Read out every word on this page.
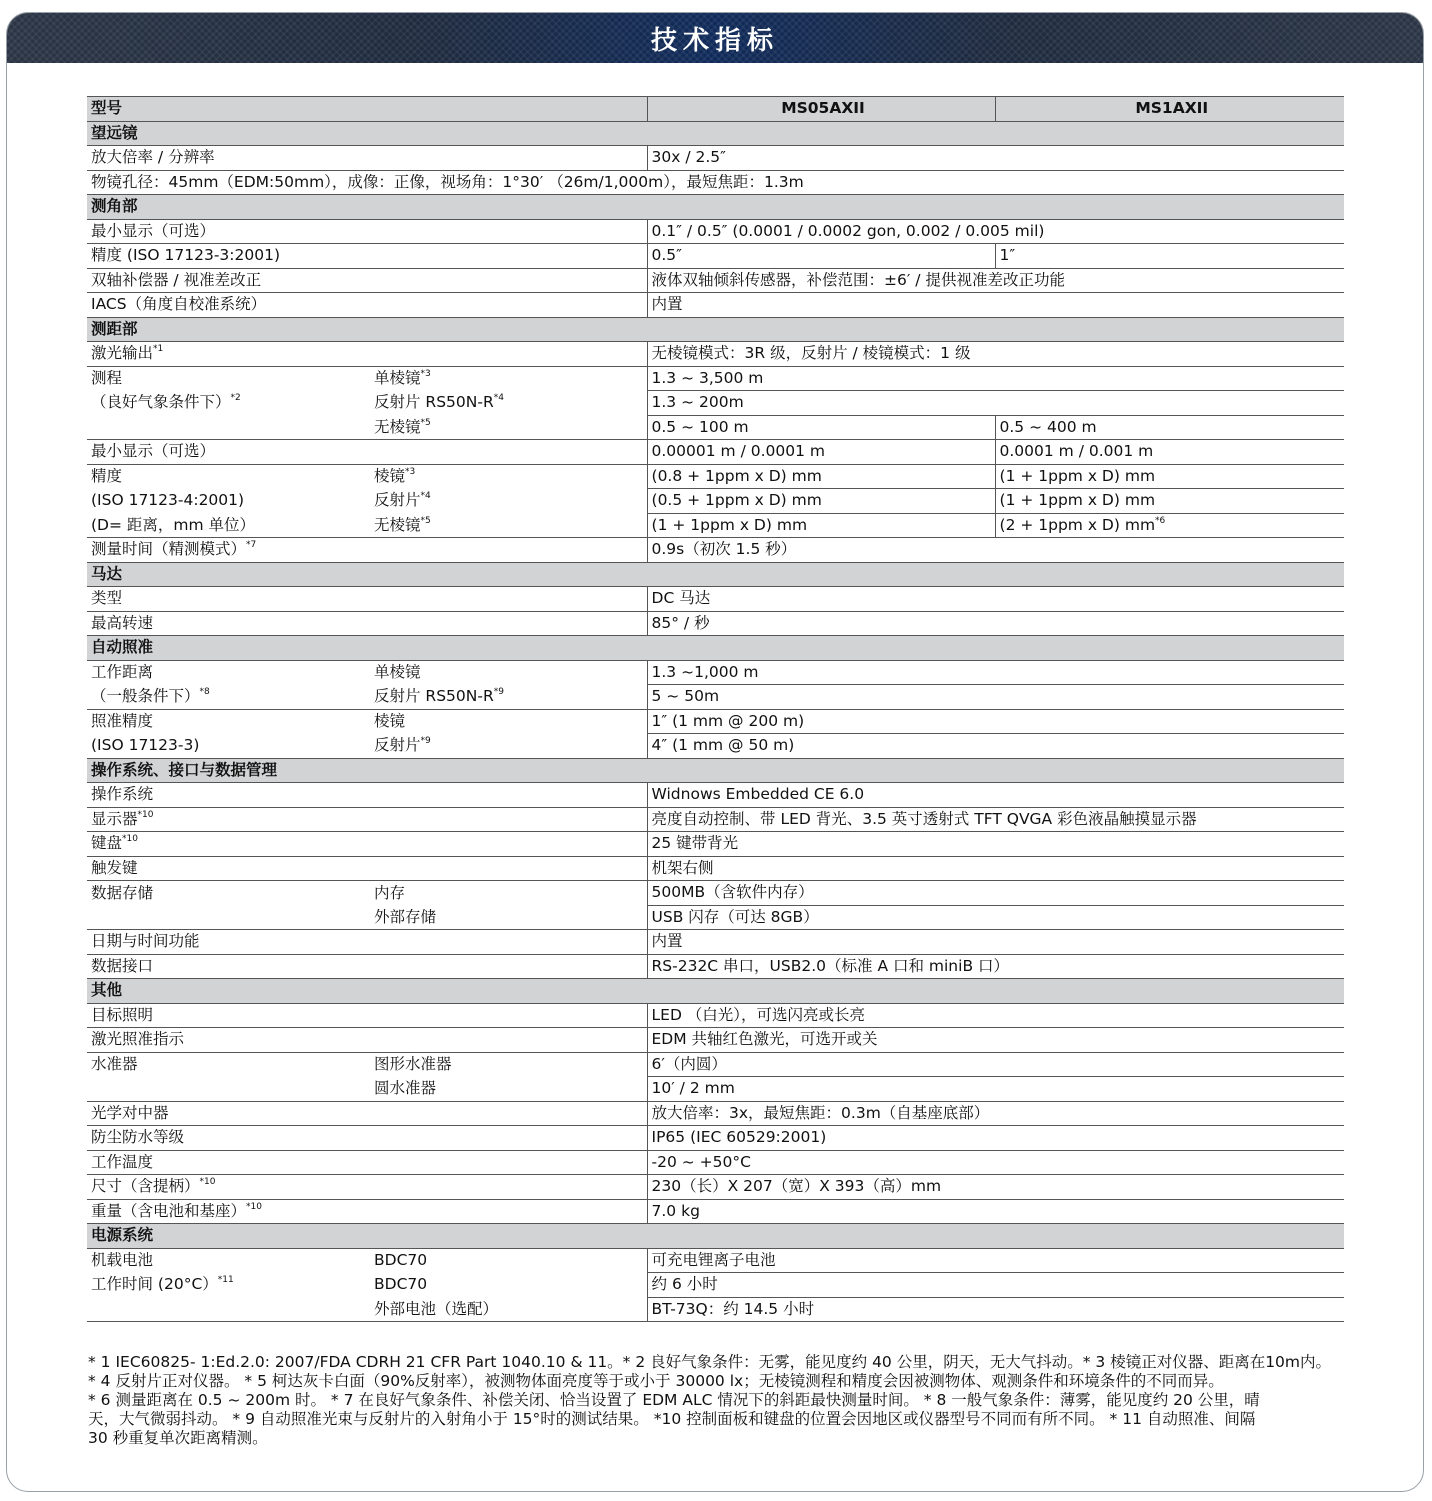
技术指标
型号		MS05AXII	MS1AXII
望远镜			
放大倍率 / 分辨率		30x / 2.5″	
物镜孔径：45mm（EDM:50mm），成像：正像，视场角：1°30′ （26m/1,000m），最短焦距：1.3m			
测角部			
最小显示（可选）		0.1″ / 0.5″ (0.0001 / 0.0002 gon, 0.002 / 0.005 mil)	
精度 (ISO 17123-3:2001)		0.5″	1″
双轴补偿器 / 视准差改正		液体双轴倾斜传感器，补偿范围：±6′ / 提供视准差改正功能	
IACS（角度自校准系统）		内置	
测距部			
激光输出$^{*1}$		无棱镜模式：3R 级，反射片 / 棱镜模式：1 级	
测程	单棱镜$^{*3}$	1.3 ~ 3,500 m	
（良好气象条件下）$^{*2}$	反射片 $RS50N-R^{*4}$	1.3 ~ 200m	
	无棱镜$^{*5}$	0.5 ~ 100 m	0.5 ~ 400 m
最小显示（可选）		0.00001 m / 0.0001 m	0.0001 m / 0.001 m
精度	棱镜$^{*3}$	(0.8 + 1ppm x D) mm	(1 + 1ppm x D) mm
(ISO 17123-4:2001)	反射片$^{*4}$	(0.5 + 1ppm x D) mm	(1 + 1ppm x D) mm
(D= 距离，mm 单位）	无棱镜$^{*5}$	(1 + 1ppm x D) mm	(2 + 1ppm x D) $mm^{*6}$
测量时间（精测模式）$^{*7}$		0.9s（初次 1.5 秒）	
马达			
类型		DC 马达	
最高转速		85° / 秒	
自动照准			
工作距离	单棱镜	1.3 ~1,000 m	
（一般条件下）$^{*8}$	反射片 $RS50N-R^{*9}$	5 ~ 50m	
照准精度	棱镜	1″ (1 mm @ 200 m)	
(ISO 17123-3)	反射片$^{*9}$	4″ (1 mm @ 50 m)	
操作系统、接口与数据管理			
操作系统		Widnows Embedded CE 6.0	
显示器$^{*10}$		亮度自动控制、带 LED 背光、3.5 英寸透射式 TFT QVGA 彩色液晶触摸显示器	
键盘$^{*10}$		25 键带背光	
触发键		机架右侧	
数据存储	内存	500MB（含软件内存）	
	外部存储	USB 闪存（可达 8GB）	
日期与时间功能		内置	
数据接口		RS-232C 串口，USB2.0（标准 A 口和 miniB 口）	
其他			
目标照明		LED （白光），可选闪亮或长亮	
激光照准指示		EDM 共轴红色激光，可选开或关	
水准器	图形水准器	6′（内圆）	
	圆水准器	10′ / 2 mm	
光学对中器		放大倍率：3x，最短焦距：0.3m（自基座底部）	
防尘防水等级		IP65 (IEC 60529:2001)	
工作温度		-20 ~ +50°C	
尺寸（含提柄）$^{*10}$		230（长）X 207（宽）X 393（高）mm	
重量（含电池和基座）$^{*10}$		7.0 kg	
电源系统			
机载电池	BDC70	可充电锂离子电池	
工作时间 (20°C）$^{*11}$	BDC70	约 6 小时	
	外部电池（选配）	BT-73Q：约 14.5 小时	

* 1 IEC60825- 1:Ed.2.0: 2007/FDA CDRH 21 CFR Part 1040.10 & 11。* 2 良好气象条件：无雾，能见度约 40 公里，阴天，无大气抖动。* 3 棱镜正对仪器、距离在10m内。

* 4 反射片正对仪器。 * 5 柯达灰卡白面（90%反射率），被测物体面亮度等于或小于 30000 lx；无棱镜测程和精度会因被测物体、观测条件和环境条件的不同而异。

* 6 测量距离在 0.5 ~ 200m 时。 * 7 在良好气象条件、补偿关闭、恰当设置了 EDM ALC 情况下的斜距最快测量时间。 * 8 一般气象条件：薄雾，能见度约 20 公里，晴

天，大气微弱抖动。 * 9 自动照准光束与反射片的入射角小于 15°时的测试结果。 *10 控制面板和键盘的位置会因地区或仪器型号不同而有所不同。 * 11 自动照准、间隔

30 秒重复单次距离精测。
